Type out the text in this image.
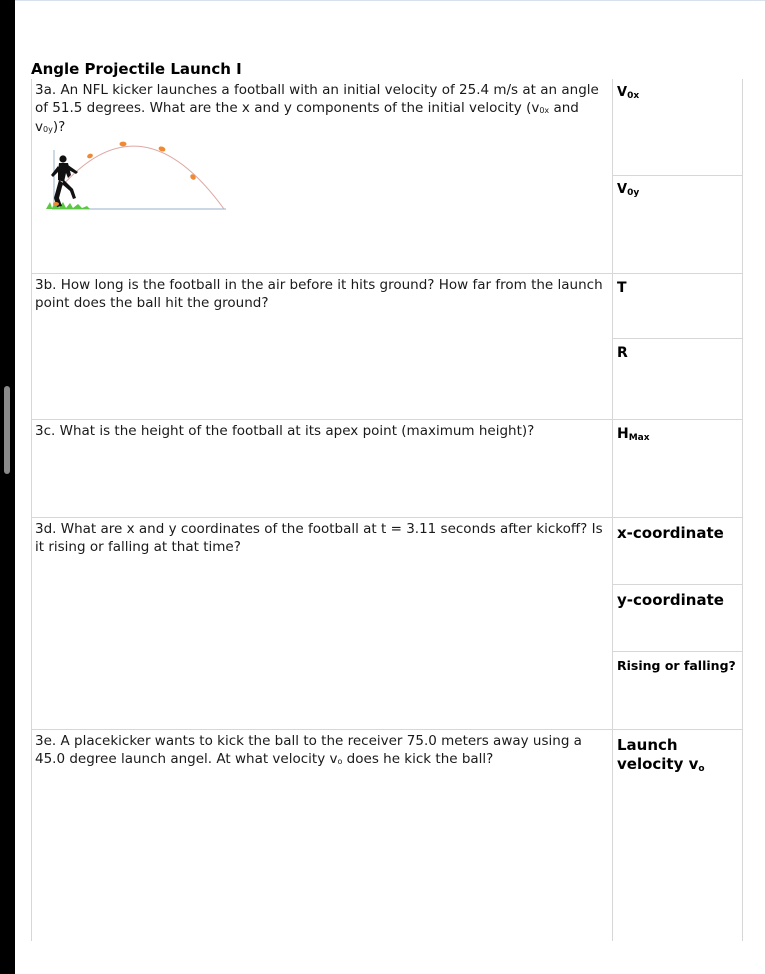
Angle Projectile Launch I
3a. An NFL kicker launches a football with an initial velocity of 25.4 m/s at an angle of 51.5 degrees. What are the x and y components of the initial velocity ($v_{0x}$ and $v_{0y}$)?
$V_{0x}$
$V_{0y}$
3b. How long is the football in the air before it hits ground? How far from the launch point does the ball hit the ground?
T
R
3c. What is the height of the football at its apex point (maximum height)?	$H_{Max}$
3d. What are x and y coordinates of the football at t = 3.11 seconds after kickoff? Is it rising or falling at that time?
x-coordinate
y-coordinate
Rising or falling?
3e. A placekicker wants to kick the ball to the receiver 75.0 meters away using a 45.0 degree launch angel. At what velocity $v_o$ does he kick the ball?
Launch velocity $v_o$
